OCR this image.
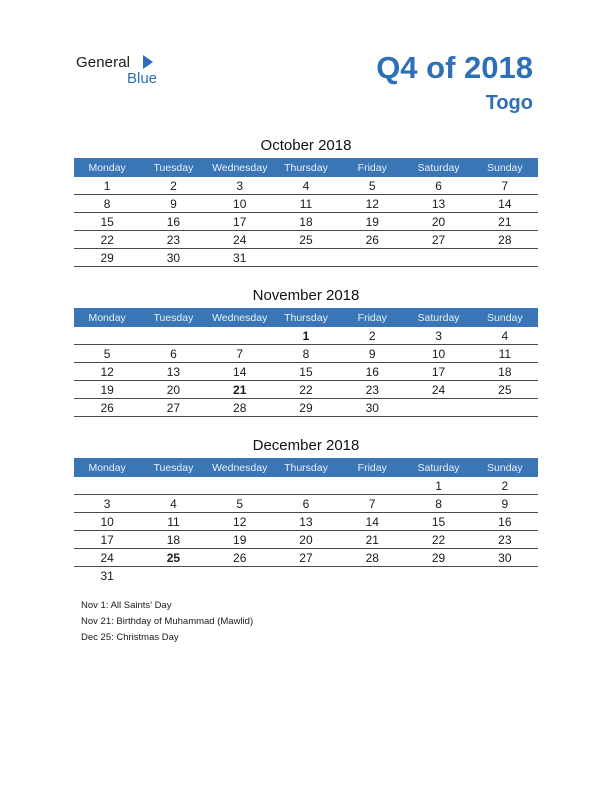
General
Blue	Q4 of 2018
Togo
October 2018
Monday	Tuesday	Wednesday	Thursday	Friday	Saturday	Sunday
1	2	3	4	5	6	7
8	9	10	11	12	13	14
15	16	17	18	19	20	21
22	23	24	25	26	27	28
29	30	31				
November 2018
Monday	Tuesday	Wednesday	Thursday	Friday	Saturday	Sunday
			1	2	3	4
5	6	7	8	9	10	11
12	13	14	15	16	17	18
19	20	21	22	23	24	25
26	27	28	29	30		
December 2018
Monday	Tuesday	Wednesday	Thursday	Friday	Saturday	Sunday
					1	2
3	4	5	6	7	8	9
10	11	12	13	14	15	16
17	18	19	20	21	22	23
24	25	26	27	28	29	30
31						
Nov 1: All Saints’ Day
Nov 21: Birthday of Muhammad (Mawlid)
Dec 25: Christmas Day
